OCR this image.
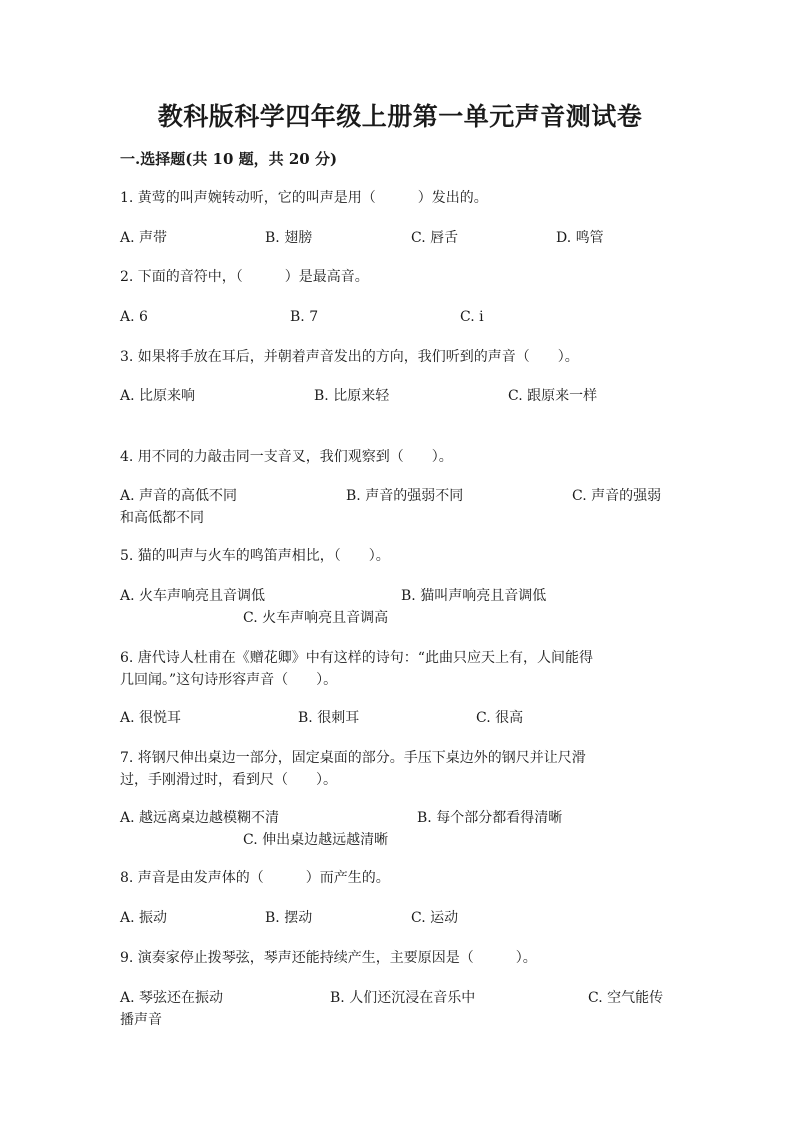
教科版科学四年级上册第一单元声音测试卷
一.选择题(共 10 题，共 20 分)
1. 黄莺的叫声婉转动听，它的叫声是用（　　　）发出的。
A. 声带	B. 翅膀	C. 唇舌	D. 鸣管
2. 下面的音符中，（　　　）是最高音。
A. 6	B. 7	C. i
3. 如果将手放在耳后，并朝着声音发出的方向，我们听到的声音（　　）。
A. 比原来响	B. 比原来轻	C. 跟原来一样
4. 用不同的力敲击同一支音叉，我们观察到（　　）。
A. 声音的高低不同	B. 声音的强弱不同	C. 声音的强弱
和高低都不同
5. 猫的叫声与火车的鸣笛声相比，（　　）。
A. 火车声响亮且音调低	B. 猫叫声响亮且音调低
C. 火车声响亮且音调高
6. 唐代诗人杜甫在《赠花卿》中有这样的诗句：“此曲只应天上有，人间能得
几回闻。”这句诗形容声音（　　）。
A. 很悦耳	B. 很刺耳	C. 很高
7. 将钢尺伸出桌边一部分，固定桌面的部分。手压下桌边外的钢尺并让尺滑
过，手刚滑过时，看到尺（　　）。
A. 越远离桌边越模糊不清	B. 每个部分都看得清晰
C. 伸出桌边越远越清晰
8. 声音是由发声体的（　　　）而产生的。
A. 振动	B. 摆动	C. 运动
9. 演奏家停止拨琴弦，琴声还能持续产生，主要原因是（　　　）。
A. 琴弦还在振动	B. 人们还沉浸在音乐中	C. 空气能传
播声音
